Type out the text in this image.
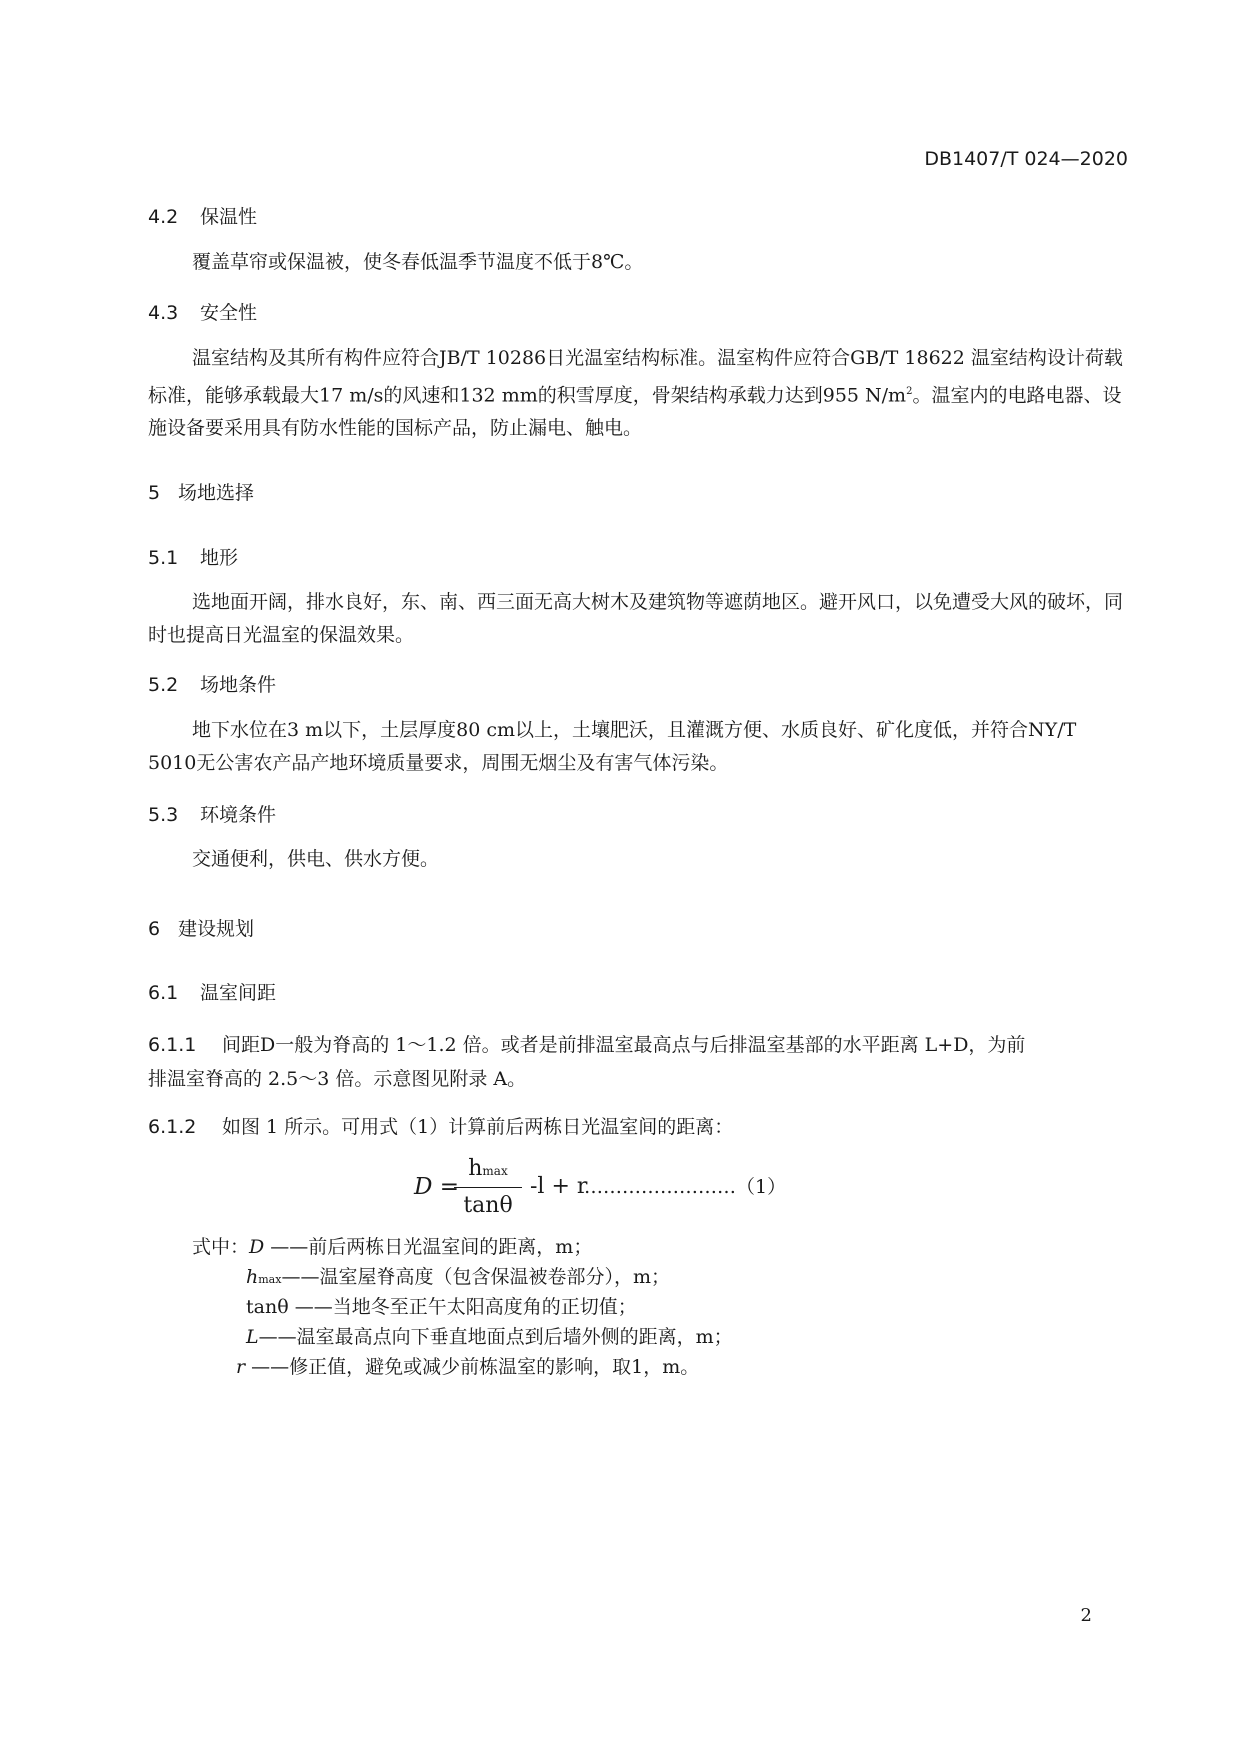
DB1407/T 024—2020
4.2 保温性
覆盖草帘或保温被，使冬春低温季节温度不低于8℃。
4.3 安全性
温室结构及其所有构件应符合JB/T 10286日光温室结构标准。温室构件应符合GB/T 18622 温室结构设计荷载标准，能够承载最大17 m/s的风速和132 mm的积雪厚度，骨架结构承载力达到955 $N/m^2$。温室内的电路电器、设施设备要采用具有防水性能的国标产品，防止漏电、触电。
5 场地选择
5.1 地形
选地面开阔，排水良好，东、南、西三面无高大树木及建筑物等遮荫地区。避开风口，以免遭受大风的破坏，同时也提高日光温室的保温效果。
5.2 场地条件
地下水位在3 m以下，土层厚度80 cm以上，土壤肥沃，且灌溉方便、水质良好、矿化度低，并符合NY/T 5010无公害农产品产地环境质量要求，周围无烟尘及有害气体污染。
5.3 环境条件
交通便利，供电、供水方便。
6 建设规划
6.1 温室间距
6.1.1 间距D一般为脊高的 1～1.2 倍。或者是前排温室最高点与后排温室基部的水平距离 L+D，为前
排温室脊高的 2.5～3 倍。示意图见附录 A。
6.1.2 如图 1 所示。可用式（1）计算前后两栋日光温室间的距离：
D =
hmax
tanθ
-l + r
……………………（1）
式中：D ——前后两栋日光温室间的距离，m；
hmax——温室屋脊高度（包含保温被卷部分），m；
tanθ ——当地冬至正午太阳高度角的正切值；
L——温室最高点向下垂直地面点到后墙外侧的距离，m；
r ——修正值，避免或减少前栋温室的影响，取1，m。
2
